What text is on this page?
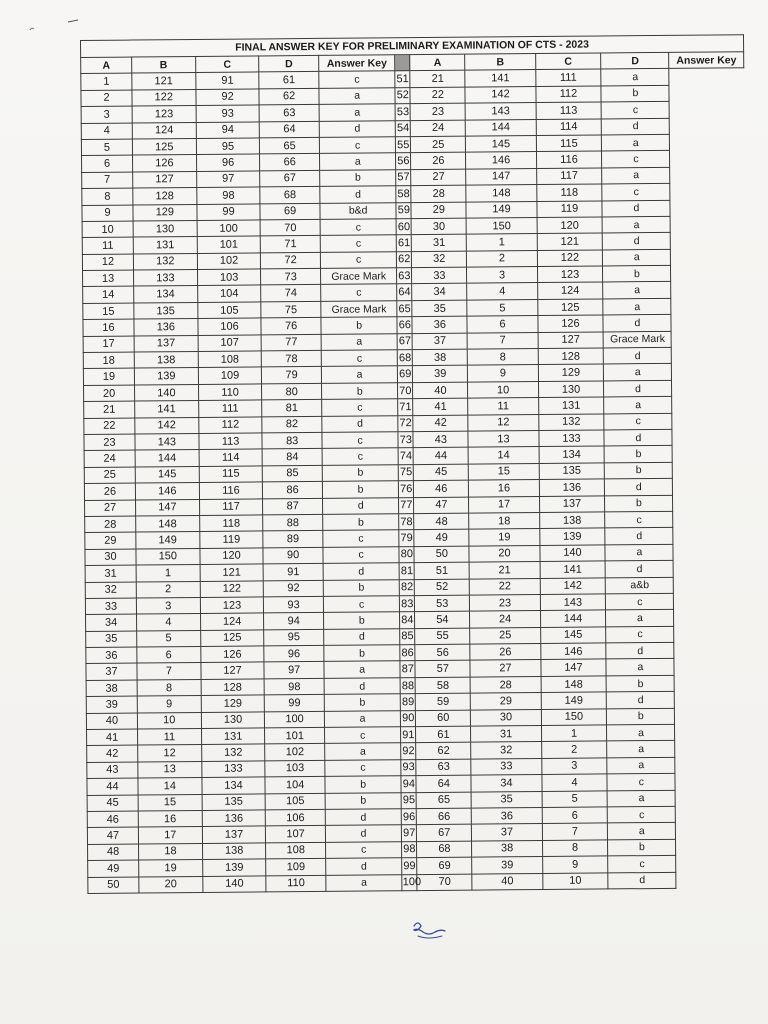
FINAL ANSWER KEY FOR PRELIMINARY EXAMINATION OF CTS - 2023										
A	B	C	D	Answer Key		A	B	C	D	Answer Key
1	121	91	61	c	51	21	141	111	a	
2	122	92	62	a	52	22	142	112	b	
3	123	93	63	a	53	23	143	113	c	
4	124	94	64	d	54	24	144	114	d	
5	125	95	65	c	55	25	145	115	a	
6	126	96	66	a	56	26	146	116	c	
7	127	97	67	b	57	27	147	117	a	
8	128	98	68	d	58	28	148	118	c	
9	129	99	69	b&d	59	29	149	119	d	
10	130	100	70	c	60	30	150	120	a	
11	131	101	71	c	61	31	1	121	d	
12	132	102	72	c	62	32	2	122	a	
13	133	103	73	Grace Mark	63	33	3	123	b	
14	134	104	74	c	64	34	4	124	a	
15	135	105	75	Grace Mark	65	35	5	125	a	
16	136	106	76	b	66	36	6	126	d	
17	137	107	77	a	67	37	7	127	Grace Mark	
18	138	108	78	c	68	38	8	128	d	
19	139	109	79	a	69	39	9	129	a	
20	140	110	80	b	70	40	10	130	d	
21	141	111	81	c	71	41	11	131	a	
22	142	112	82	d	72	42	12	132	c	
23	143	113	83	c	73	43	13	133	d	
24	144	114	84	c	74	44	14	134	b	
25	145	115	85	b	75	45	15	135	b	
26	146	116	86	b	76	46	16	136	d	
27	147	117	87	d	77	47	17	137	b	
28	148	118	88	b	78	48	18	138	c	
29	149	119	89	c	79	49	19	139	d	
30	150	120	90	c	80	50	20	140	a	
31	1	121	91	d	81	51	21	141	d	
32	2	122	92	b	82	52	22	142	a&b	
33	3	123	93	c	83	53	23	143	c	
34	4	124	94	b	84	54	24	144	a	
35	5	125	95	d	85	55	25	145	c	
36	6	126	96	b	86	56	26	146	d	
37	7	127	97	a	87	57	27	147	a	
38	8	128	98	d	88	58	28	148	b	
39	9	129	99	b	89	59	29	149	d	
40	10	130	100	a	90	60	30	150	b	
41	11	131	101	c	91	61	31	1	a	
42	12	132	102	a	92	62	32	2	a	
43	13	133	103	c	93	63	33	3	a	
44	14	134	104	b	94	64	34	4	c	
45	15	135	105	b	95	65	35	5	a	
46	16	136	106	d	96	66	36	6	c	
47	17	137	107	d	97	67	37	7	a	
48	18	138	108	c	98	68	38	8	b	
49	19	139	109	d	99	69	39	9	c	
50	20	140	110	a	100	70	40	10	d	
